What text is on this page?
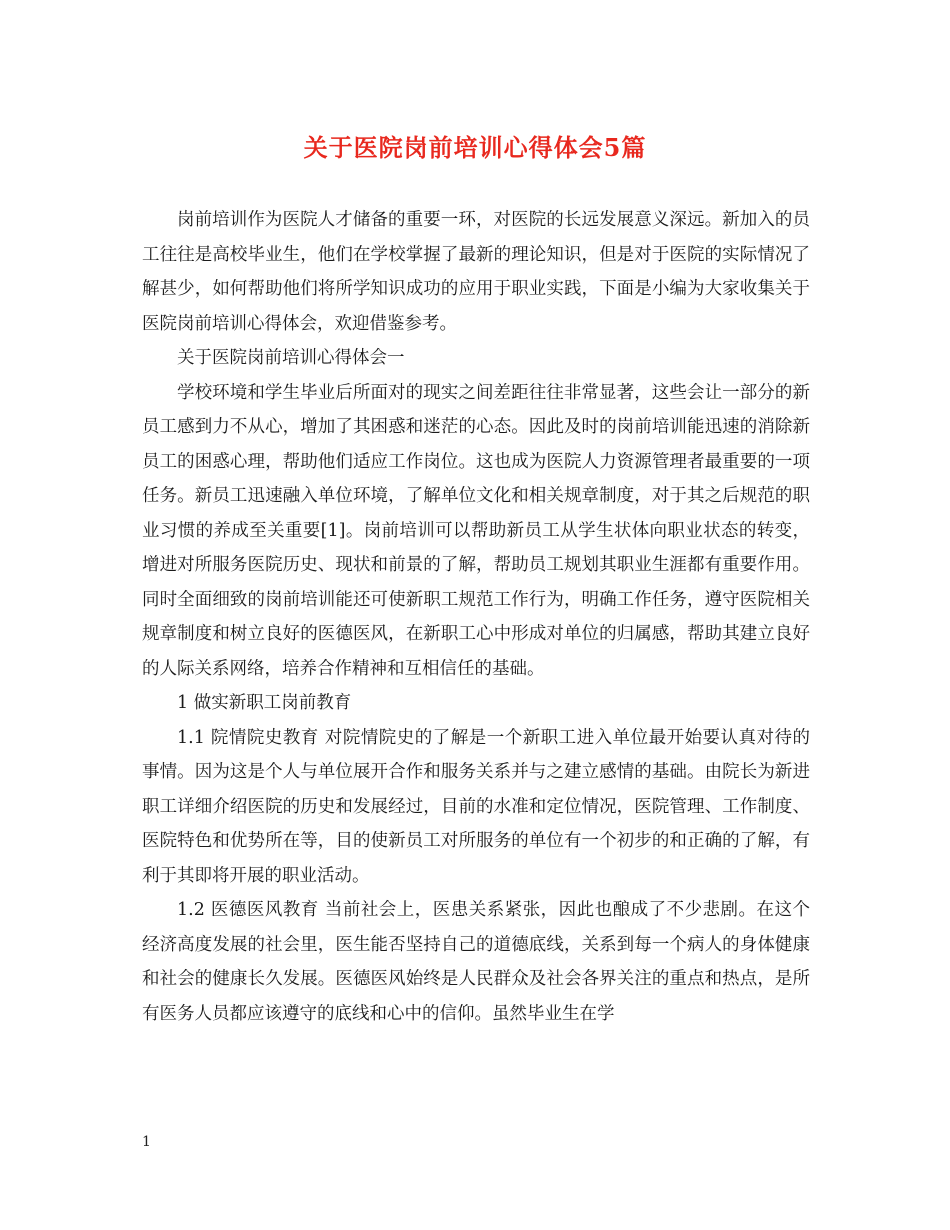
关于医院岗前培训心得体会5篇

岗前培训作为医院人才储备的重要一环，对医院的长远发展意义深远。新加入的员工往往是高校毕业生，他们在学校掌握了最新的理论知识，但是对于医院的实际情况了解甚少，如何帮助他们将所学知识成功的应用于职业实践，下面是小编为大家收集关于医院岗前培训心得体会，欢迎借鉴参考。

关于医院岗前培训心得体会一

学校环境和学生毕业后所面对的现实之间差距往往非常显著，这些会让一部分的新员工感到力不从心，增加了其困惑和迷茫的心态。因此及时的岗前培训能迅速的消除新员工的困惑心理，帮助他们适应工作岗位。这也成为医院人力资源管理者最重要的一项任务。新员工迅速融入单位环境，了解单位文化和相关规章制度，对于其之后规范的职业习惯的养成至关重要[1]。岗前培训可以帮助新员工从学生状体向职业状态的转变，增进对所服务医院历史、现状和前景的了解，帮助员工规划其职业生涯都有重要作用。同时全面细致的岗前培训能还可使新职工规范工作行为，明确工作任务，遵守医院相关规章制度和树立良好的医德医风，在新职工心中形成对单位的归属感，帮助其建立良好的人际关系网络，培养合作精神和互相信任的基础。

1 做实新职工岗前教育

1.1 院情院史教育 对院情院史的了解是一个新职工进入单位最开始要认真对待的事情。因为这是个人与单位展开合作和服务关系并与之建立感情的基础。由院长为新进职工详细介绍医院的历史和发展经过，目前的水准和定位情况，医院管理、工作制度、医院特色和优势所在等，目的使新员工对所服务的单位有一个初步的和正确的了解，有利于其即将开展的职业活动。

1.2 医德医风教育 当前社会上，医患关系紧张，因此也酿成了不少悲剧。在这个经济高度发展的社会里，医生能否坚持自己的道德底线，关系到每一个病人的身体健康和社会的健康长久发展。医德医风始终是人民群众及社会各界关注的重点和热点，是所有医务人员都应该遵守的底线和心中的信仰。虽然毕业生在学

1
